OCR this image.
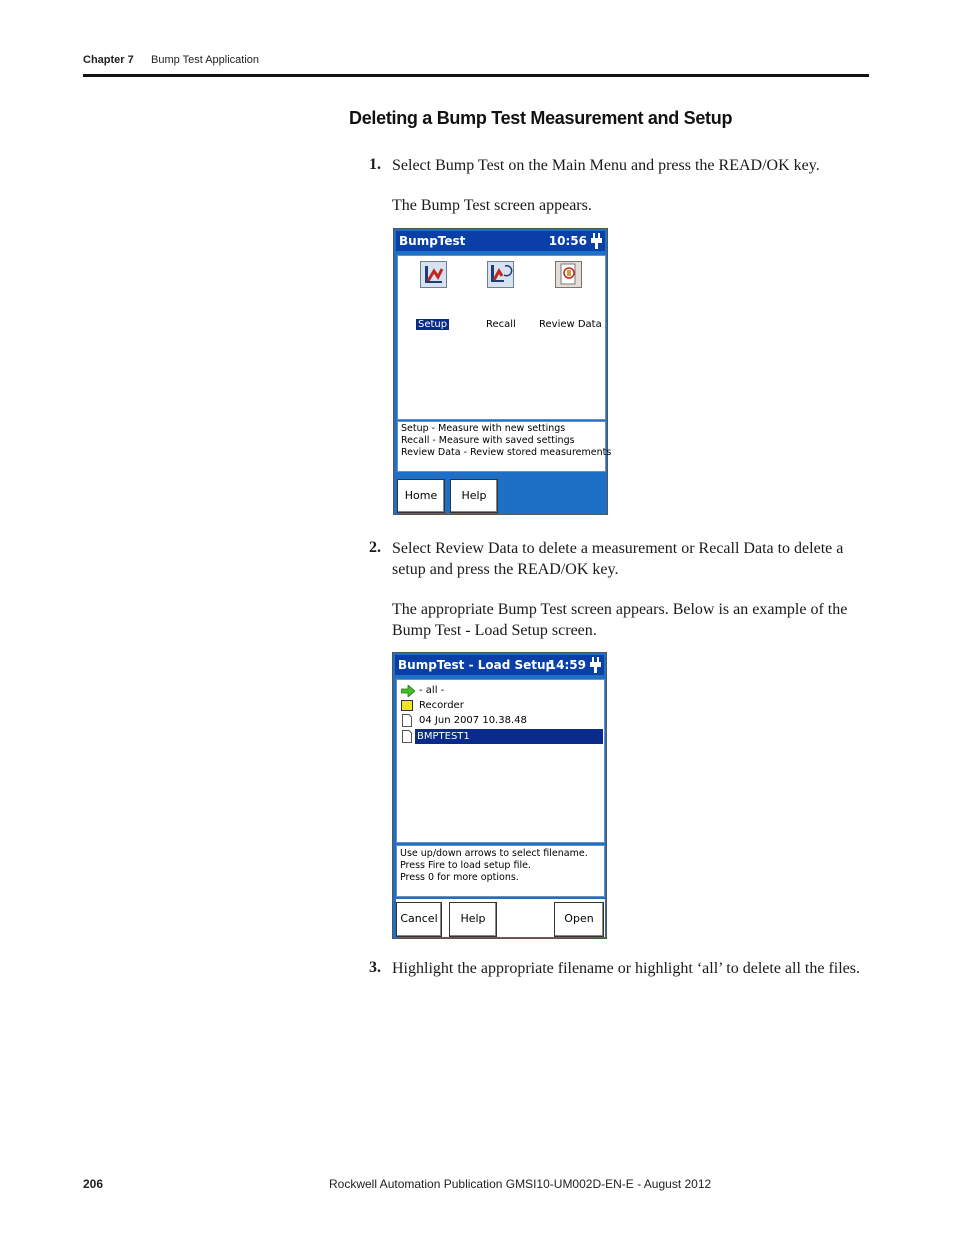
Chapter 7 Bump Test Application
Deleting a Bump Test Measurement and Setup
1. Select Bump Test on the Main Menu and press the READ/OK key.
The Bump Test screen appears.
BumpTest	10:56
Setup	Recall Review Data
Setup - Measure with new settings
Recall - Measure with saved settings
Review Data - Review stored measurements
Home	Help
2. Select Review Data to delete a measurement or Recall Data to delete a setup and press the READ/OK key.
The appropriate Bump Test screen appears. Below is an example of the Bump Test - Load Setup screen.
BumpTest - Load Setup
14:59
- all -
Recorder
04 Jun 2007 10.38.48
BMPTEST1
Use up/down arrows to select filename.
Press Fire to load setup file.
Press 0 for more options.
Cancel	Help	Open
3. Highlight the appropriate filename or highlight ‘all’ to delete all the files.
206	Rockwell Automation Publication GMSI10-UM002D-EN-E - August 2012
